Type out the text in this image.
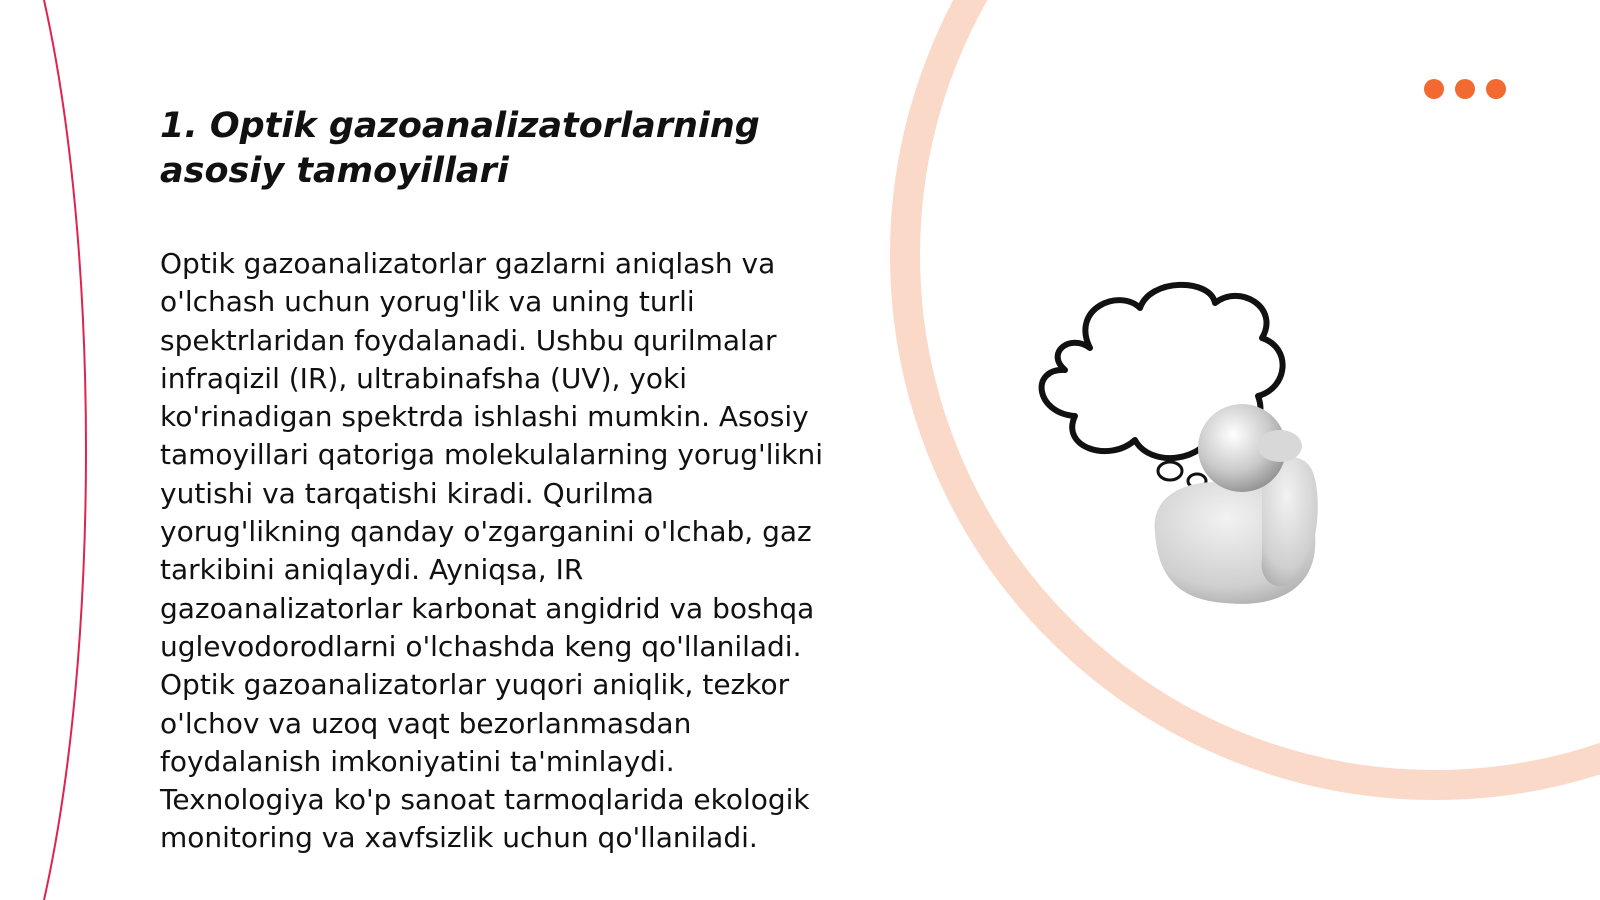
1. Optik gazoanalizatorlarning asosiy tamoyillari

Optik gazoanalizatorlar gazlarni aniqlash va o'lchash uchun yorug'lik va uning turli spektrlaridan foydalanadi. Ushbu qurilmalar infraqizil (IR), ultrabinafsha (UV), yoki ko'rinadigan spektrda ishlashi mumkin. Asosiy tamoyillari qatoriga molekulalarning yorug'likni yutishi va tarqatishi kiradi. Qurilma yorug'likning qanday o'zgarganini o'lchab, gaz tarkibini aniqlaydi. Ayniqsa, IR gazoanalizatorlar karbonat angidrid va boshqa uglevodorodlarni o'lchashda keng qo'llaniladi. Optik gazoanalizatorlar yuqori aniqlik, tezkor o'lchov va uzoq vaqt bezorlanmasdan foydalanish imkoniyatini ta'minlaydi. Texnologiya ko'p sanoat tarmoqlarida ekologik monitoring va xavfsizlik uchun qo'llaniladi.
